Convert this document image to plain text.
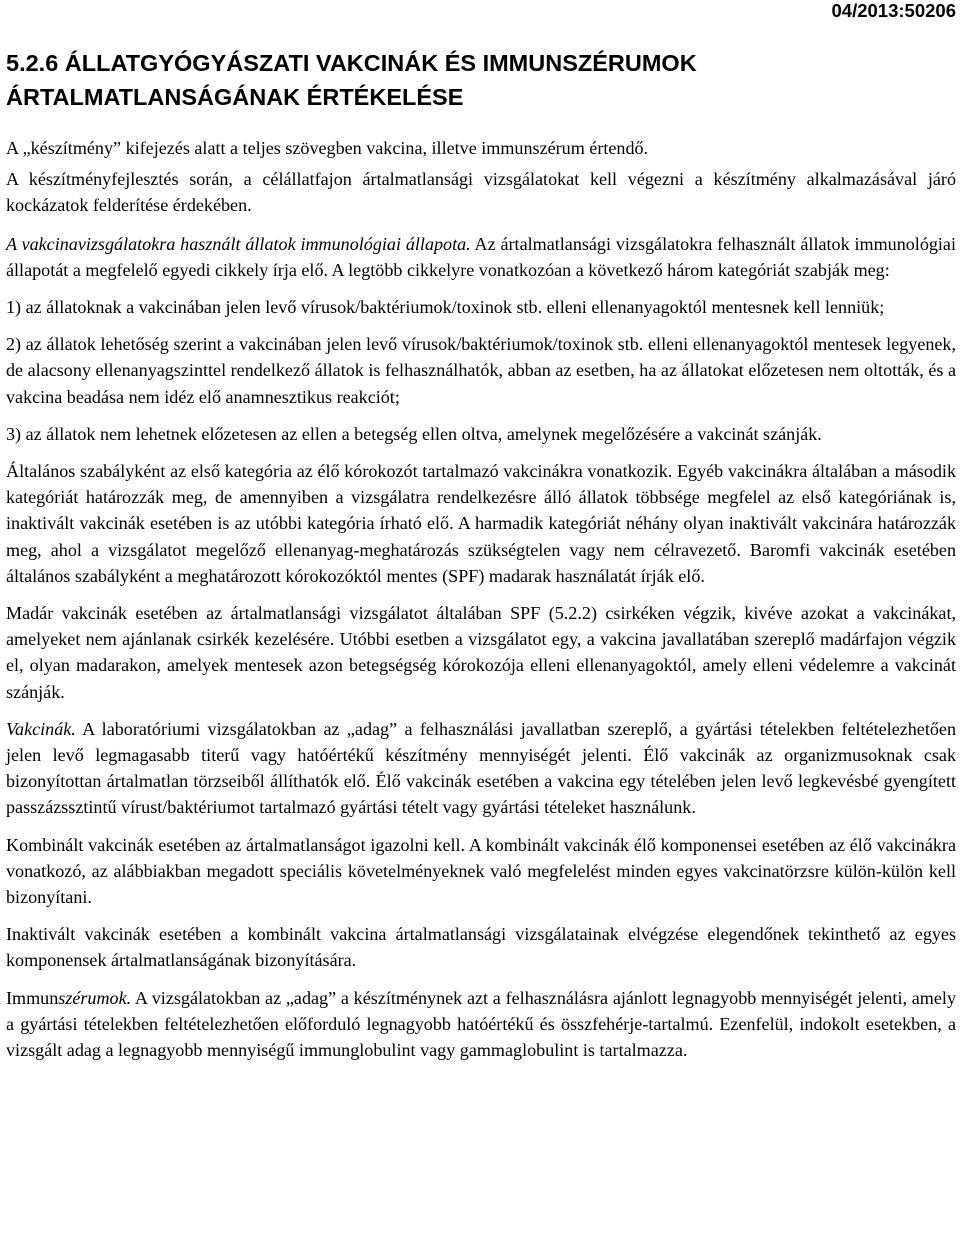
04/2013:50206
5.2.6 ÁLLATGYÓGYÁSZATI VAKCINÁK ÉS IMMUNSZÉRUMOK
ÁRTALMATLANSÁGÁNAK ÉRTÉKELÉSE

A „készítmény” kifejezés alatt a teljes szövegben vakcina, illetve immunszérum értendő.

A készítményfejlesztés során, a célállatfajon ártalmatlansági vizsgálatokat kell végezni a készítmény alkalmazásával járó kockázatok felderítése érdekében.

A vakcinavizsgálatokra használt állatok immunológiai állapota. Az ártalmatlansági vizsgálatokra felhasznált állatok immunológiai állapotát a megfelelő egyedi cikkely írja elő. A legtöbb cikkelyre vonatkozóan a következő három kategóriát szabják meg:

1) az állatoknak a vakcinában jelen levő vírusok/baktériumok/toxinok stb. elleni ellenanyagoktól mentesnek kell lenniük;

2) az állatok lehetőség szerint a vakcinában jelen levő vírusok/baktériumok/toxinok stb. elleni ellenanyagoktól mentesek legyenek, de alacsony ellenanyagszinttel rendelkező állatok is felhasználhatók, abban az esetben, ha az állatokat előzetesen nem oltották, és a vakcina beadása nem idéz elő anamnesztikus reakciót;

3) az állatok nem lehetnek előzetesen az ellen a betegség ellen oltva, amelynek megelőzésére a vakcinát szánják.

Általános szabályként az első kategória az élő kórokozót tartalmazó vakcinákra vonatkozik. Egyéb vakcinákra általában a második kategóriát határozzák meg, de amennyiben a vizsgálatra rendelkezésre álló állatok többsége megfelel az első kategóriának is, inaktivált vakcinák esetében is az utóbbi kategória írható elő. A harmadik kategóriát néhány olyan inaktivált vakcinára határozzák meg, ahol a vizsgálatot megelőző ellenanyag-meghatározás szükségtelen vagy nem célravezető. Baromfi vakcinák esetében általános szabályként a meghatározott kórokozóktól mentes (SPF) madarak használatát írják elő.

Madár vakcinák esetében az ártalmatlansági vizsgálatot általában SPF (5.2.2) csirkéken végzik, kivéve azokat a vakcinákat, amelyeket nem ajánlanak csirkék kezelésére. Utóbbi esetben a vizsgálatot egy, a vakcina javallatában szereplő madárfajon végzik el, olyan madarakon, amelyek mentesek azon betegségség kórokozója elleni ellenanyagoktól, amely elleni védelemre a vakcinát szánják.

Vakcinák. A laboratóriumi vizsgálatokban az „adag” a felhasználási javallatban szereplő, a gyártási tételekben feltételezhetően jelen levő legmagasabb titerű vagy hatóértékű készítmény mennyiségét jelenti. Élő vakcinák az organizmusoknak csak bizonyítottan ártalmatlan törzseiből állíthatók elő. Élő vakcinák esetében a vakcina egy tételében jelen levő legkevésbé gyengített passzázssztintű vírust/baktériumot tartalmazó gyártási tételt vagy gyártási tételeket használunk.

Kombinált vakcinák esetében az ártalmatlanságot igazolni kell. A kombinált vakcinák élő komponensei esetében az élő vakcinákra vonatkozó, az alábbiakban megadott speciális követelményeknek való megfelelést minden egyes vakcinatörzsre külön-külön kell bizonyítani.

Inaktivált vakcinák esetében a kombinált vakcina ártalmatlansági vizsgálatainak elvégzése elegendőnek tekinthető az egyes komponensek ártalmatlanságának bizonyítására.

Immunszérumok. A vizsgálatokban az „adag” a készítménynek azt a felhasználásra ajánlott legnagyobb mennyiségét jelenti, amely a gyártási tételekben feltételezhetően előforduló legnagyobb hatóértékű és összfehérje-tartalmú. Ezenfelül, indokolt esetekben, a vizsgált adag a legnagyobb mennyiségű immunglobulint vagy gammaglobulint is tartalmazza.
